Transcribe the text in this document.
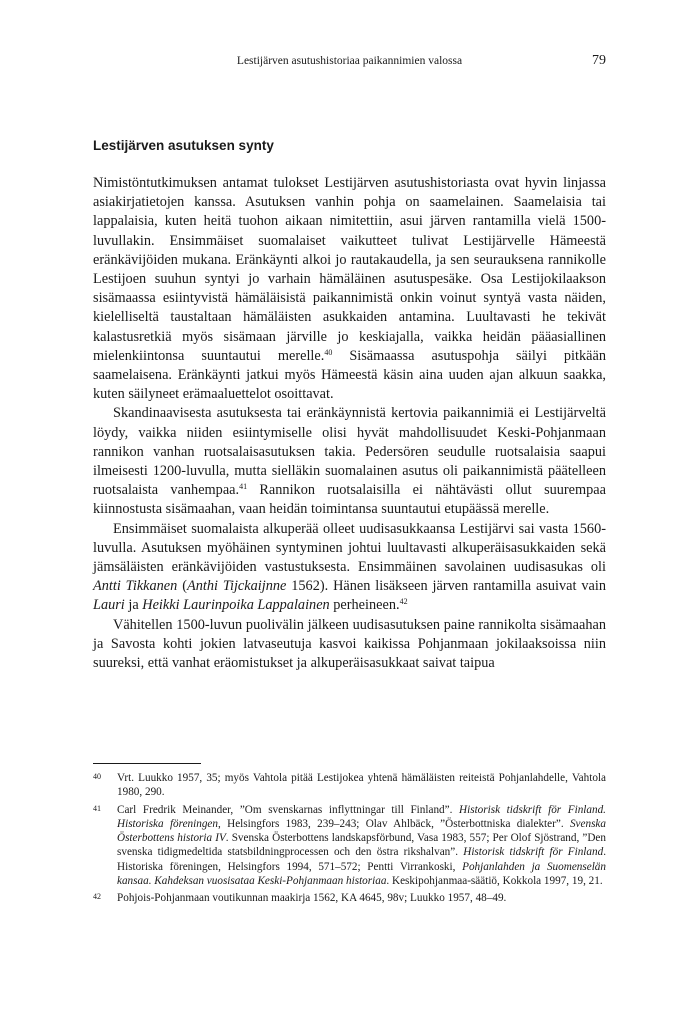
Lestijärven asutushistoriaa paikannimien valossa	79
Lestijärven asutuksen synty

Nimistöntutkimuksen antamat tulokset Lestijärven asutushistoriasta ovat hyvin linjassa asiakirjatietojen kanssa. Asutuksen vanhin pohja on saamelainen. Saamelaisia tai lappalaisia, kuten heitä tuohon aikaan nimitettiin, asui järven rantamilla vielä 1500-luvullakin. Ensimmäiset suomalaiset vaikutteet tulivat Lestijärvelle Hämeestä eränkävijöiden mukana. Eränkäynti alkoi jo rautakaudella, ja sen seurauksena rannikolle Lestijoen suuhun syntyi jo varhain hämäläinen asutuspesäke. Osa Lestijokilaakson sisämaassa esiintyvistä hämäläisistä paikannimistä onkin voinut syntyä vasta näiden, kielelliseltä taustaltaan hämäläisten asukkaiden antamina. Luultavasti he tekivät kalastusretkiä myös sisämaan järville jo keskiajalla, vaikka heidän pääasiallinen mielenkiintonsa suuntautui merelle.$^{40}$ Sisämaassa asutuspohja säilyi pitkään saamelaisena. Eränkäynti jatkui myös Hämeestä käsin aina uuden ajan alkuun saakka, kuten säilyneet erämaaluettelot osoittavat.

Skandinaavisesta asutuksesta tai eränkäynnistä kertovia paikannimiä ei Lestijärveltä löydy, vaikka niiden esiintymiselle olisi hyvät mahdollisuudet Keski-Pohjanmaan rannikon vanhan ruotsalaisasutuksen takia. Pedersören seudulle ruotsalaisia saapui ilmeisesti 1200-luvulla, mutta sielläkin suomalainen asutus oli paikannimistä päätelleen ruotsalaista vanhempaa.$^{41}$ Rannikon ruotsalaisilla ei nähtävästi ollut suurempaa kiinnostusta sisämaahan, vaan heidän toimintansa suuntautui etupäässä merelle.

Ensimmäiset suomalaista alkuperää olleet uudisasukkaansa Lestijärvi sai vasta 1560-luvulla. Asutuksen myöhäinen syntyminen johtui luultavasti alkuperäisasukkaiden sekä jämsäläisten eränkävijöiden vastustuksesta. Ensimmäinen savolainen uudisasukas oli Antti Tikkanen (Anthi Tijckaijnne 1562). Hänen lisäkseen järven rantamilla asuivat vain Lauri ja Heikki Laurinpoika Lappalainen perheineen.$^{42}$

Vähitellen 1500-luvun puolivälin jälkeen uudisasutuksen paine rannikolta sisämaahan ja Savosta kohti jokien latvaseutuja kasvoi kaikissa Pohjanmaan jokilaaksoissa niin suureksi, että vanhat eräomistukset ja alkuperäisasukkaat saivat taipua

40	Vrt. Luukko 1957, 35; myös Vahtola pitää Lestijokea yhtenä hämäläisten reiteistä Pohjanlahdelle, Vahtola 1980, 290.
41	Carl Fredrik Meinander, ”Om svenskarnas inflyttningar till Finland”. Historisk tidskrift för Finland. Historiska föreningen, Helsingfors 1983, 239–243; Olav Ahlbäck, ”Österbottniska dialekter”. Svenska Österbottens historia IV. Svenska Österbottens landskapsförbund, Vasa 1983, 557; Per Olof Sjöstrand, ”Den svenska tidigmedeltida statsbildningprocessen och den östra rikshalvan”. Historisk tidskrift för Finland. Historiska föreningen, Helsingfors 1994, 571–572; Pentti Virrankoski, Pohjanlahden ja Suomenselän kansaa. Kahdeksan vuosisataa Keski-Pohjanmaan historiaa. Keskipohjanmaa-säätiö, Kokkola 1997, 19, 21.
42	Pohjois-Pohjanmaan voutikunnan maakirja 1562, KA 4645, 98v; Luukko 1957, 48–49.
